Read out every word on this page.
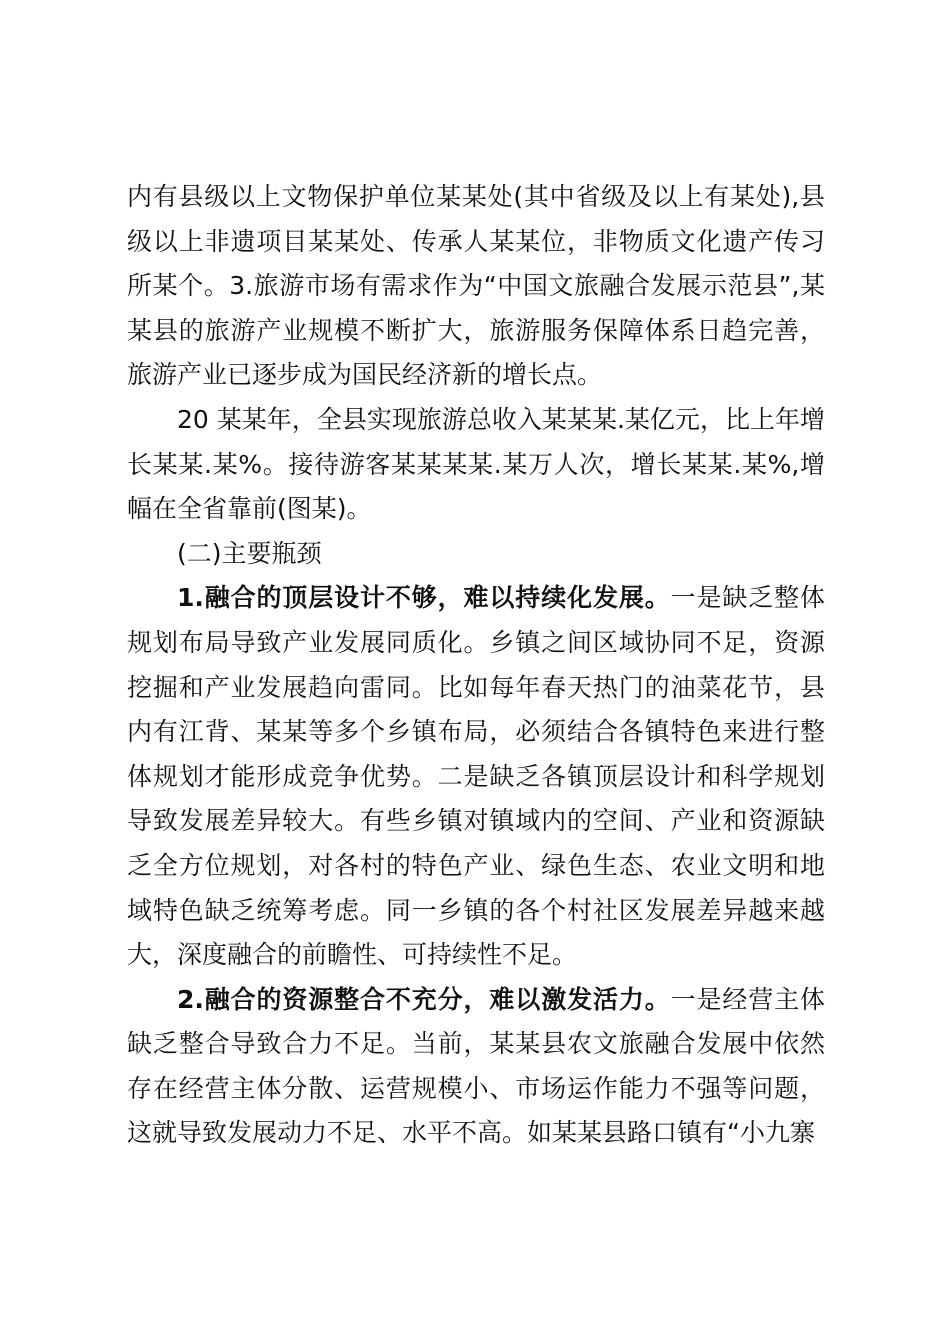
内有县级以上文物保护单位某某处(其中省级及以上有某处),县级以上非遗项目某某处、传承人某某位，非物质文化遗产传习所某个。3.旅游市场有需求作为“中国文旅融合发展示范县”,某某县的旅游产业规模不断扩大，旅游服务保障体系日趋完善，旅游产业已逐步成为国民经济新的增长点。

20 某某年，全县实现旅游总收入某某某.某亿元，比上年增长某某.某%。接待游客某某某某.某万人次，增长某某.某%,增幅在全省靠前(图某)。

(二)主要瓶颈

1.融合的顶层设计不够，难以持续化发展。一是缺乏整体规划布局导致产业发展同质化。乡镇之间区域协同不足，资源挖掘和产业发展趋向雷同。比如每年春天热门的油菜花节，县内有江背、某某等多个乡镇布局，必须结合各镇特色来进行整体规划才能形成竞争优势。二是缺乏各镇顶层设计和科学规划导致发展差异较大。有些乡镇对镇域内的空间、产业和资源缺乏全方位规划，对各村的特色产业、绿色生态、农业文明和地域特色缺乏统筹考虑。同一乡镇的各个村社区发展差异越来越大，深度融合的前瞻性、可持续性不足。

2.融合的资源整合不充分，难以激发活力。一是经营主体缺乏整合导致合力不足。当前，某某县农文旅融合发展中依然存在经营主体分散、运营规模小、市场运作能力不强等问题，这就导致发展动力不足、水平不高。如某某县路口镇有“小九寨
